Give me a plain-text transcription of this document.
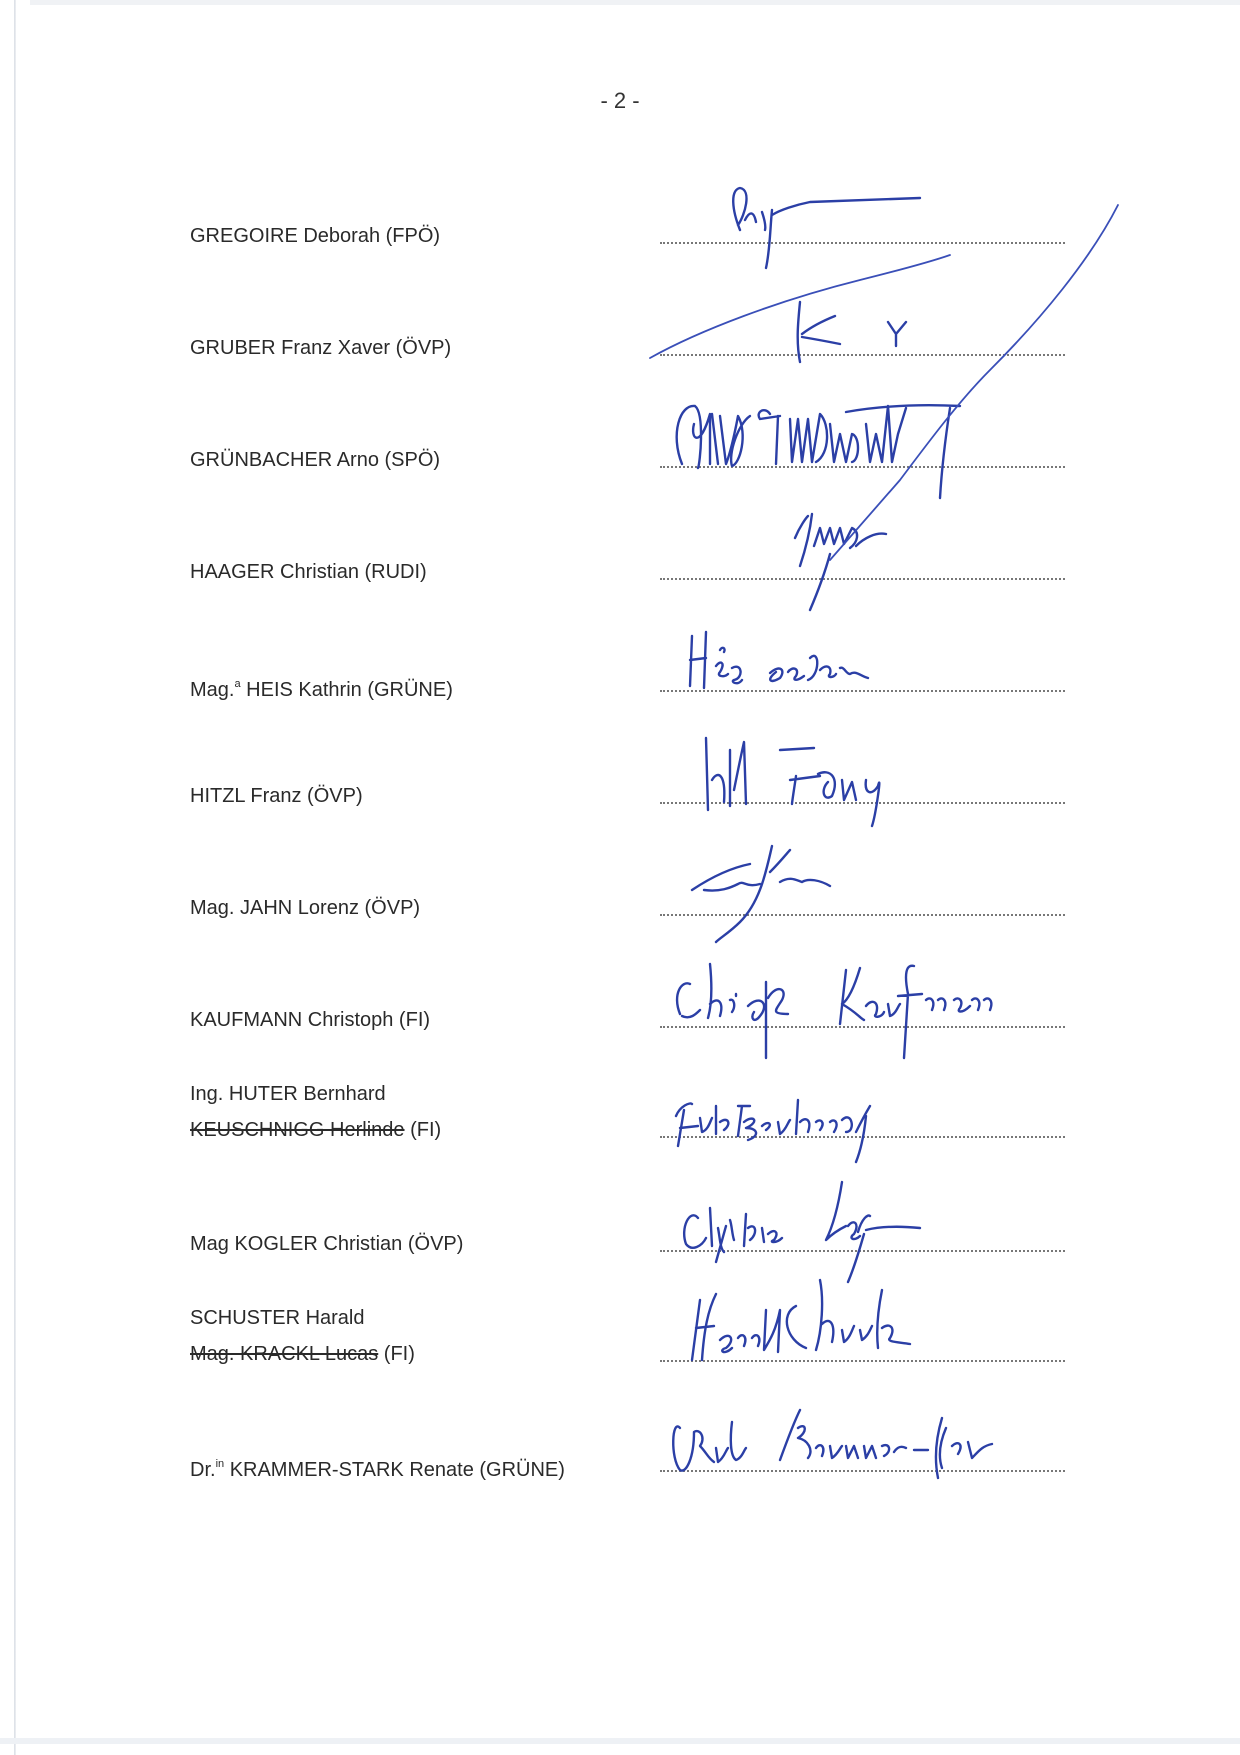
- 2 -
GREGOIRE Deborah (FPÖ)
GRUBER Franz Xaver (ÖVP)
GRÜNBACHER Arno (SPÖ)
HAAGER Christian (RUDI)
Mag.$^a$ HEIS Kathrin (GRÜNE)
HITZL Franz (ÖVP)
Mag. JAHN Lorenz (ÖVP)
KAUFMANN Christoph (FI)
Ing. HUTER Bernhard
KEUSCHNIGG Herlinde (FI)
Mag KOGLER Christian (ÖVP)
SCHUSTER Harald
Mag. KRACKL Lucas (FI)
Dr.$^{in}$ KRAMMER-STARK Renate (GRÜNE)
